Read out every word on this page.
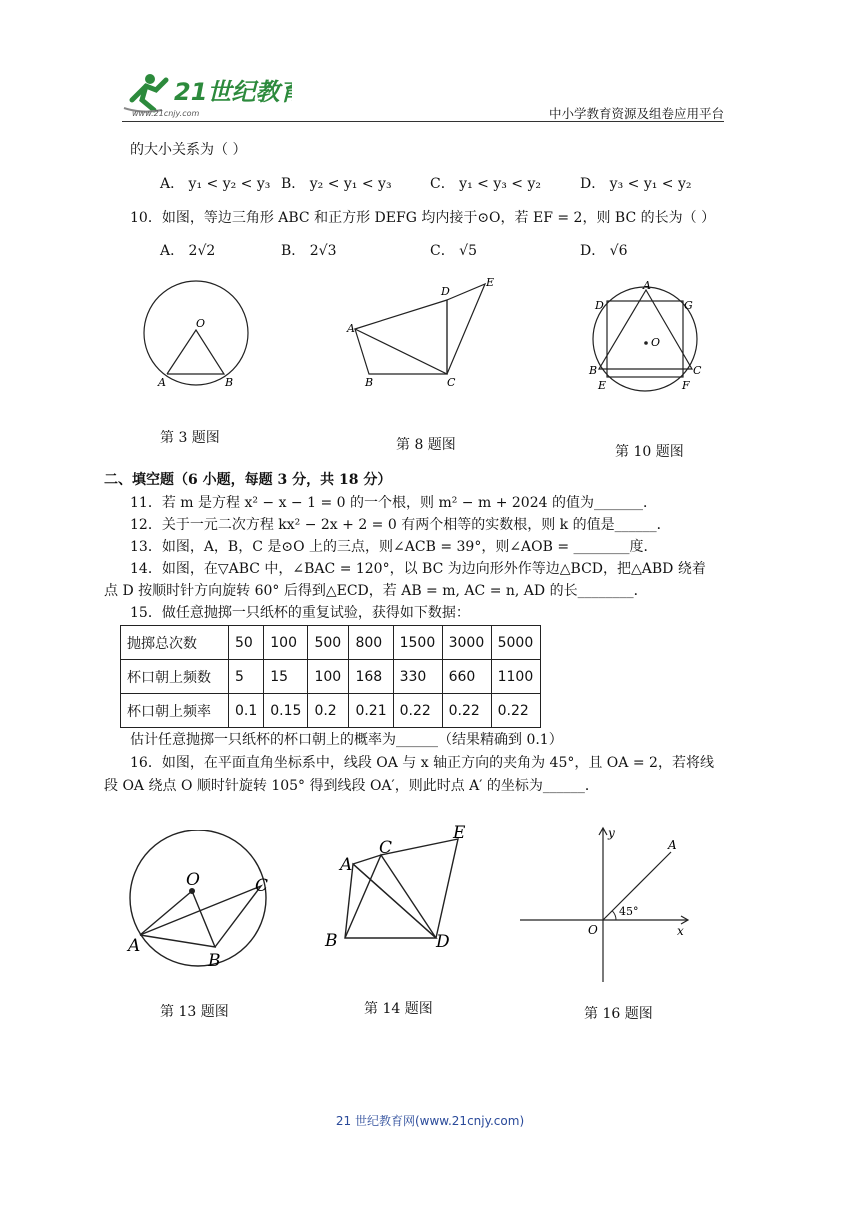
21世纪教育
www.21cnjy.com	中小学教育资源及组卷应用平台
的大小关系为（ ）
A． y₁ < y₂ < y₃ B． y₂ < y₁ < y₃	C． y₁ < y₃ < y₂	D． y₃ < y₁ < y₂
10．如图，等边三角形 ABC 和正方形 DEFG 均内接于⊙O，若 EF = 2，则 BC 的长为（ ）
A． 2√2	B． 2√3	C． √5	D． √6
O
A	B
第 3 题图
D
E
A
B	C
第 8 题图
A
D	G
O
B	C
E	F
第 10 题图
二、填空题（6 小题，每题 3 分，共 18 分）
11．若 m 是方程 x² − x − 1 = 0 的一个根，则 m² − m + 2024 的值为_______．
12．关于一元二次方程 kx² − 2x + 2 = 0 有两个相等的实数根，则 k 的值是______．
13．如图，A，B，C 是⊙O 上的三点，则∠ACB = 39°，则∠AOB = ________度．
14．如图，在▽ABC 中，∠BAC = 120°，以 BC 为边向形外作等边△BCD，把△ABD 绕着
点 D 按顺时针方向旋转 60° 后得到△ECD，若 AB = m, AC = n, AD 的长________．
15．做任意抛掷一只纸杯的重复试验，获得如下数据：
抛掷总次数	50	100	500	800	1500	3000	5000
杯口朝上频数	5	15	100	168	330	660	1100
杯口朝上频率	0.1	0.15	0.2	0.21	0.22	0.22	0.22
估计任意抛掷一只纸杯的杯口朝上的概率为______（结果精确到 0.1）
16．如图，在平面直角坐标系中，线段 OA 与 x 轴正方向的夹角为 45°，且 OA = 2，若将线
段 OA 绕点 O 顺时针旋转 105° 得到线段 OA′，则此时点 A′ 的坐标为______．
O	C
A
B
第 13 题图
E
C
A
B	D
第 14 题图
y
A
45°
O	x
第 16 题图
21 世纪教育网(www.21cnjy.com)
